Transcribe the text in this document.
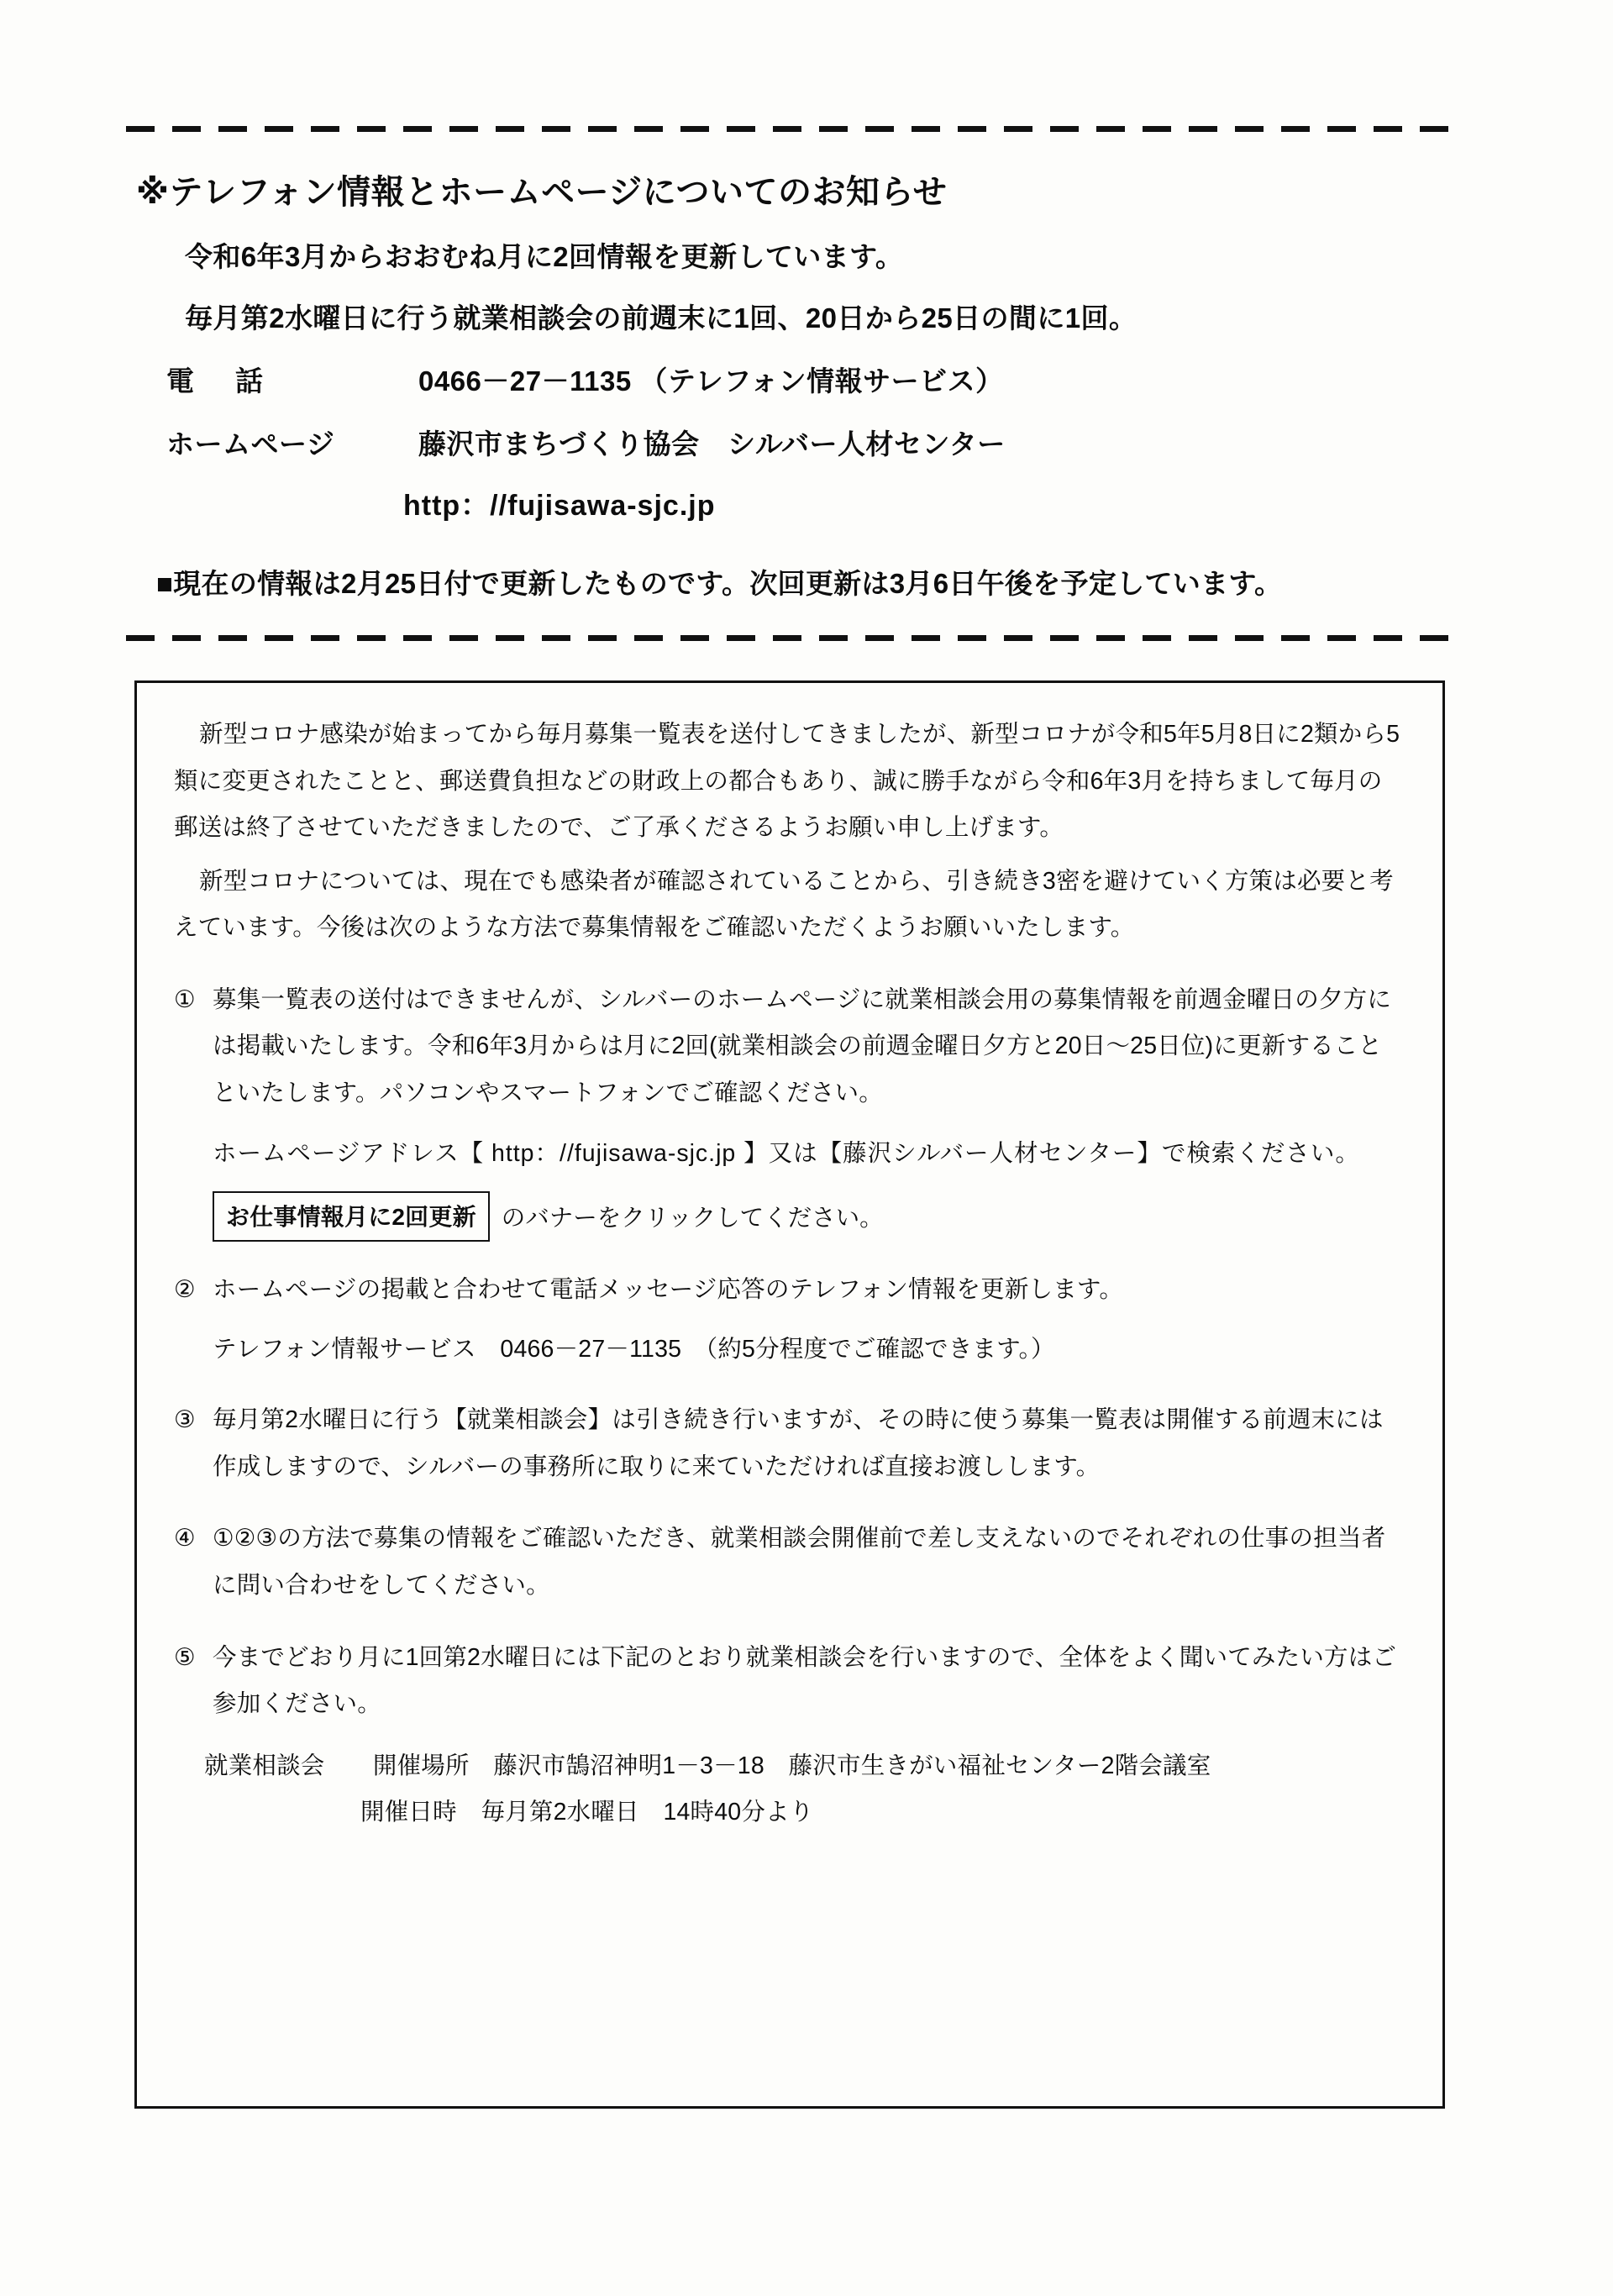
※テレフォン情報とホームページについてのお知らせ
令和6年3月からおおむね月に2回情報を更新しています。
毎月第2水曜日に行う就業相談会の前週末に1回、20日から25日の間に1回。
電　話	0466－27－1135 （テレフォン情報サービス）
ホームページ	藤沢市まちづくり協会　シルバー人材センター
http：//fujisawa-sjc.jp
■現在の情報は2月25日付で更新したものです。次回更新は3月6日午後を予定しています。

新型コロナ感染が始まってから毎月募集一覧表を送付してきましたが、新型コロナが令和5年5月8日に2類から5類に変更されたことと、郵送費負担などの財政上の都合もあり、誠に勝手ながら令和6年3月を持ちまして毎月の郵送は終了させていただきましたので、ご了承くださるようお願い申し上げます。

新型コロナについては、現在でも感染者が確認されていることから、引き続き3密を避けていく方策は必要と考えています。今後は次のような方法で募集情報をご確認いただくようお願いいたします。

① 募集一覧表の送付はできませんが、シルバーのホームページに就業相談会用の募集情報を前週金曜日の夕方には掲載いたします。令和6年3月からは月に2回(就業相談会の前週金曜日夕方と20日～25日位)に更新することといたします。パソコンやスマートフォンでご確認ください。
ホームページアドレス【 http：//fujisawa-sjc.jp 】又は【藤沢シルバー人材センター】で検索ください。
お仕事情報月に2回更新	のバナーをクリックしてください。
② ホームページの掲載と合わせて電話メッセージ応答のテレフォン情報を更新します。
テレフォン情報サービス　0466－27－1135　（約5分程度でご確認できます。）
③ 毎月第2水曜日に行う【就業相談会】は引き続き行いますが、その時に使う募集一覧表は開催する前週末には作成しますので、シルバーの事務所に取りに来ていただければ直接お渡しします。
④ ①②③の方法で募集の情報をご確認いただき、就業相談会開催前で差し支えないのでそれぞれの仕事の担当者に問い合わせをしてください。
⑤ 今までどおり月に1回第2水曜日には下記のとおり就業相談会を行いますので、全体をよく聞いてみたい方はご参加ください。
就業相談会　　開催場所　藤沢市鵠沼神明1－3－18　藤沢市生きがい福祉センター2階会議室
開催日時　毎月第2水曜日　14時40分より
